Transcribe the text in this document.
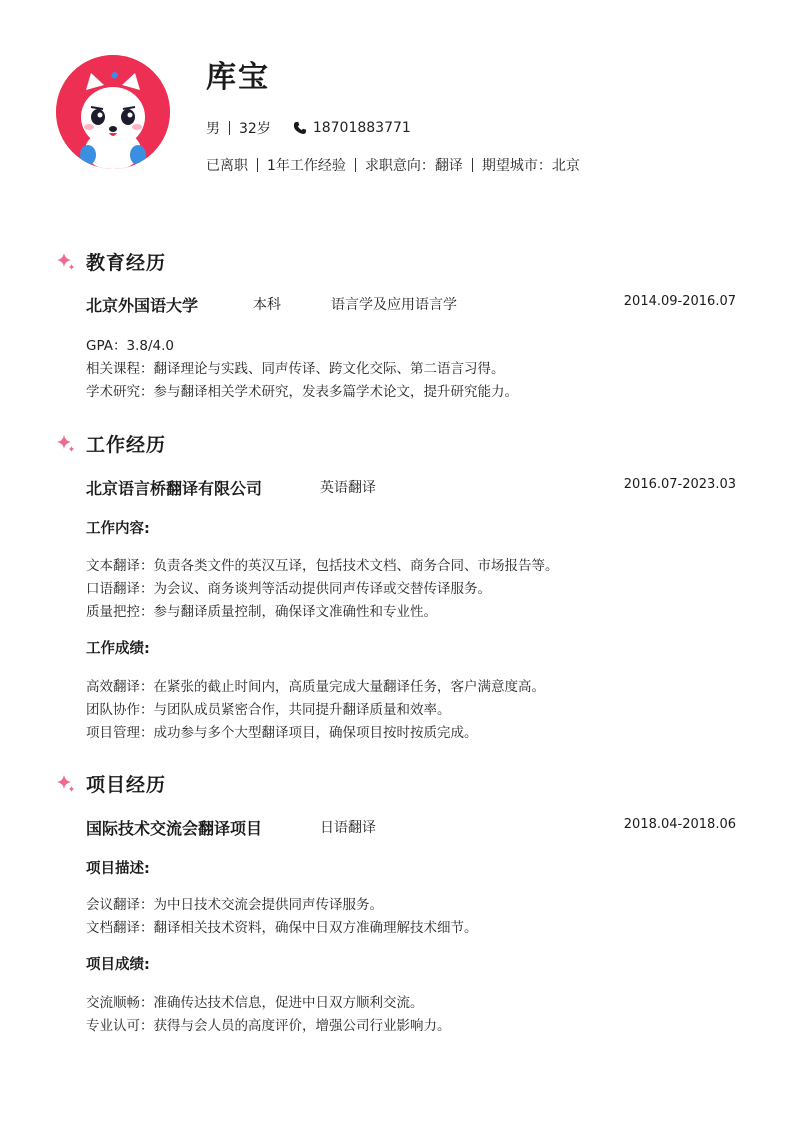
库宝
男 32岁	18701883771
已离职 1年工作经验 求职意向：翻译 期望城市：北京
教育经历
北京外国语大学	本科	语言学及应用语言学	2014.09-2016.07
GPA：3.8/4.0
相关课程：翻译理论与实践、同声传译、跨文化交际、第二语言习得。
学术研究：参与翻译相关学术研究，发表多篇学术论文，提升研究能力。
工作经历
北京语言桥翻译有限公司	英语翻译	2016.07-2023.03
工作内容:
文本翻译：负责各类文件的英汉互译，包括技术文档、商务合同、市场报告等。
口语翻译：为会议、商务谈判等活动提供同声传译或交替传译服务。
质量把控：参与翻译质量控制，确保译文准确性和专业性。
工作成绩:
高效翻译：在紧张的截止时间内，高质量完成大量翻译任务，客户满意度高。
团队协作：与团队成员紧密合作，共同提升翻译质量和效率。
项目管理：成功参与多个大型翻译项目，确保项目按时按质完成。
项目经历
国际技术交流会翻译项目	日语翻译	2018.04-2018.06
项目描述:
会议翻译：为中日技术交流会提供同声传译服务。
文档翻译：翻译相关技术资料，确保中日双方准确理解技术细节。
项目成绩:
交流顺畅：准确传达技术信息，促进中日双方顺利交流。
专业认可：获得与会人员的高度评价，增强公司行业影响力。
